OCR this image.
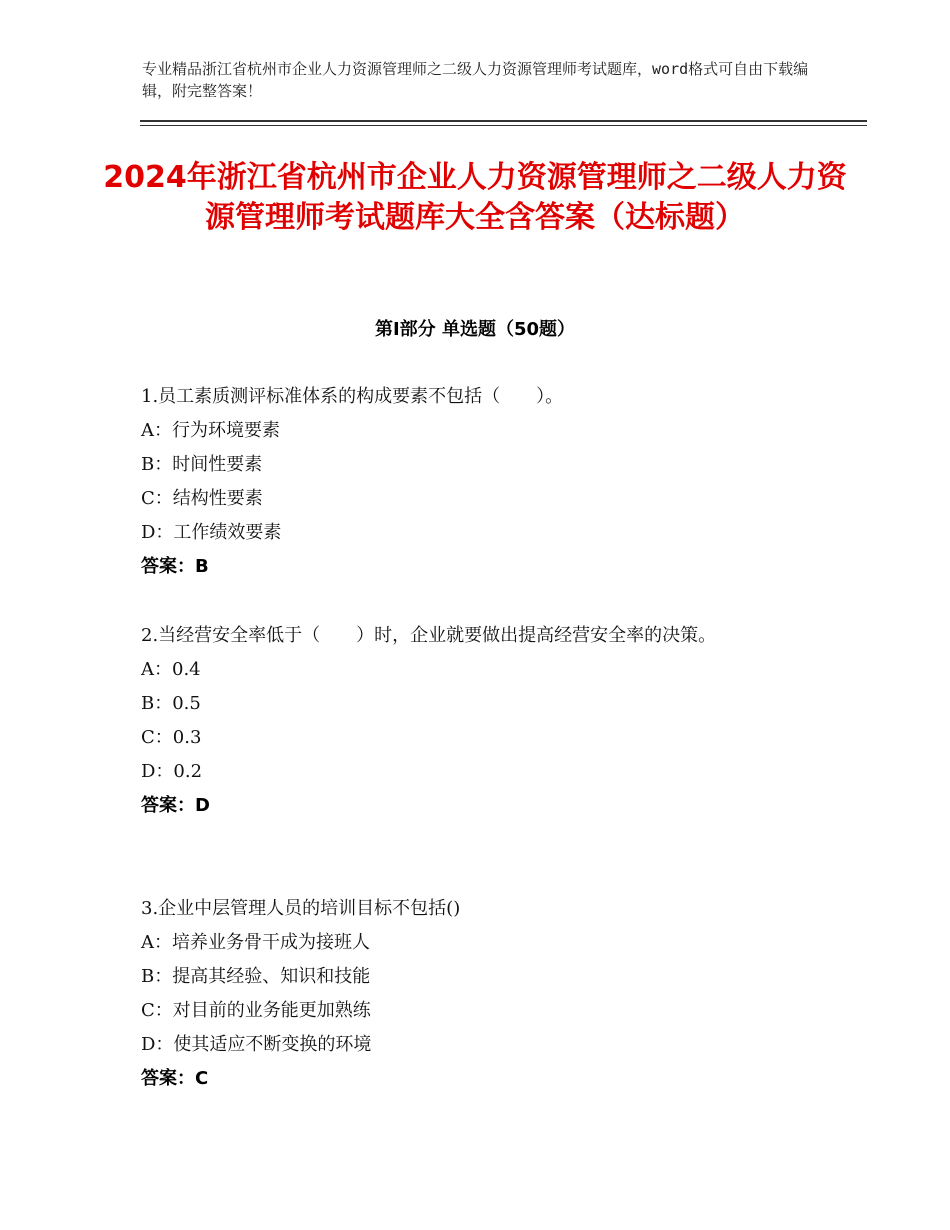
专业精品浙江省杭州市企业人力资源管理师之二级人力资源管理师考试题库，word格式可自由下载编辑，附完整答案！
2024年浙江省杭州市企业人力资源管理师之二级人力资源管理师考试题库大全含答案（达标题）
第Ⅰ部分 单选题（50题）
1.员工素质测评标准体系的构成要素不包括（　　）。
A：行为环境要素
B：时间性要素
C：结构性要素
D：工作绩效要素
答案：B
2.当经营安全率低于（　　）时，企业就要做出提高经营安全率的决策。
A：0.4
B：0.5
C：0.3
D：0.2
答案：D
3.企业中层管理人员的培训目标不包括()
A：培养业务骨干成为接班人
B：提高其经验、知识和技能
C：对目前的业务能更加熟练
D：使其适应不断变换的环境
答案：C
